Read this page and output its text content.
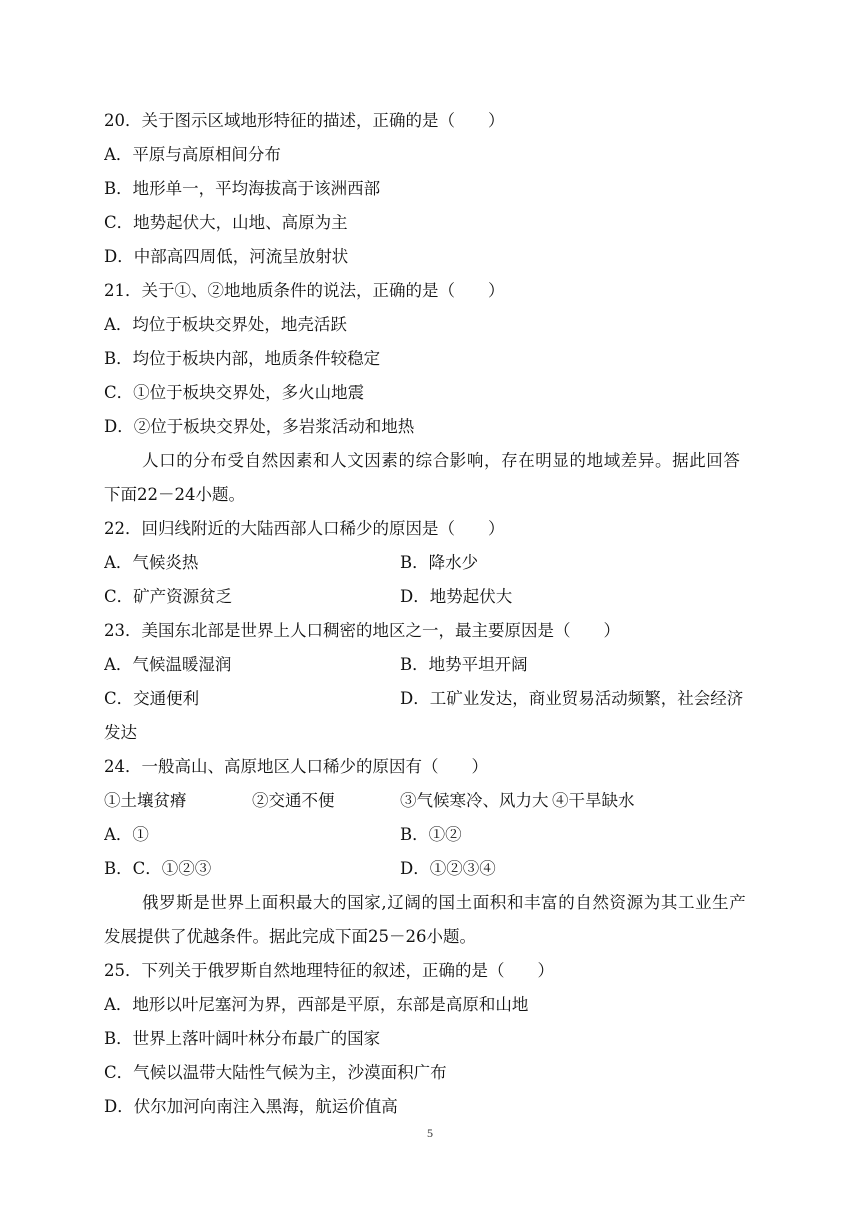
20．关于图示区域地形特征的描述，正确的是（　　）
A．平原与高原相间分布
B．地形单一，平均海拔高于该洲西部
C．地势起伏大，山地、高原为主
D．中部高四周低，河流呈放射状
21．关于①、②地地质条件的说法，正确的是（　　）
A．均位于板块交界处，地壳活跃
B．均位于板块内部，地质条件较稳定
C．①位于板块交界处，多火山地震
D．②位于板块交界处，多岩浆活动和地热
人口的分布受自然因素和人文因素的综合影响，存在明显的地域差异。据此回答
下面22－24小题。
22．回归线附近的大陆西部人口稀少的原因是（　　）
A．气候炎热	B．降水少
C．矿产资源贫乏	D．地势起伏大
23．美国东北部是世界上人口稠密的地区之一，最主要原因是（　　）
A．气候温暖湿润	B．地势平坦开阔
C．交通便利	D．工矿业发达，商业贸易活动频繁，社会经济
发达
24．一般高山、高原地区人口稀少的原因有（　　）
①土壤贫瘠	②交通不便	③气候寒冷、风力大 ④干旱缺水
A．①	B．①②
B．C．①②③	D．①②③④
俄罗斯是世界上面积最大的国家,辽阔的国土面积和丰富的自然资源为其工业生产
发展提供了优越条件。据此完成下面25－26小题。
25．下列关于俄罗斯自然地理特征的叙述，正确的是（　　）
A．地形以叶尼塞河为界，西部是平原，东部是高原和山地
B．世界上落叶阔叶林分布最广的国家
C．气候以温带大陆性气候为主，沙漠面积广布
D．伏尔加河向南注入黑海，航运价值高
5
